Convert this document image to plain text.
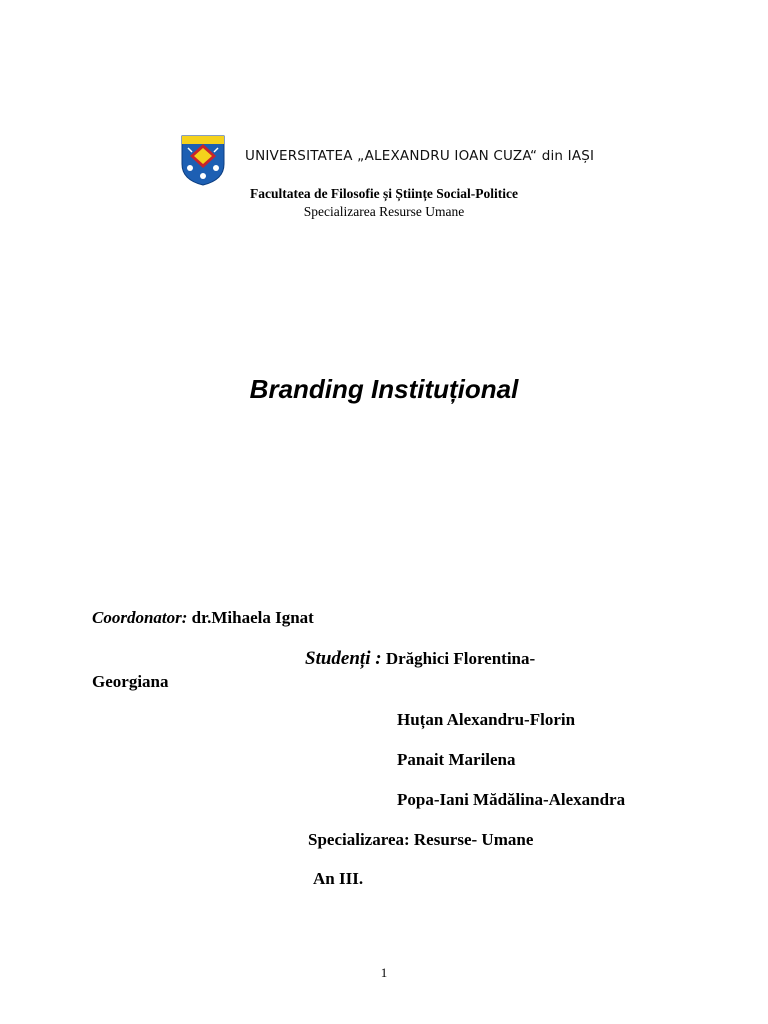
UNIVERSITATEA „ALEXANDRU IOAN CUZA“ din IAȘI
Facultatea de Filosofie și Științe Social-Politice
Specializarea Resurse Umane
Branding Instituțional
Coordonator: dr.Mihaela Ignat
Studenți : Drăghici Florentina-
Georgiana
Huțan Alexandru-Florin
Panait Marilena
Popa-Iani Mădălina-Alexandra
Specializarea: Resurse- Umane
An III.
1
